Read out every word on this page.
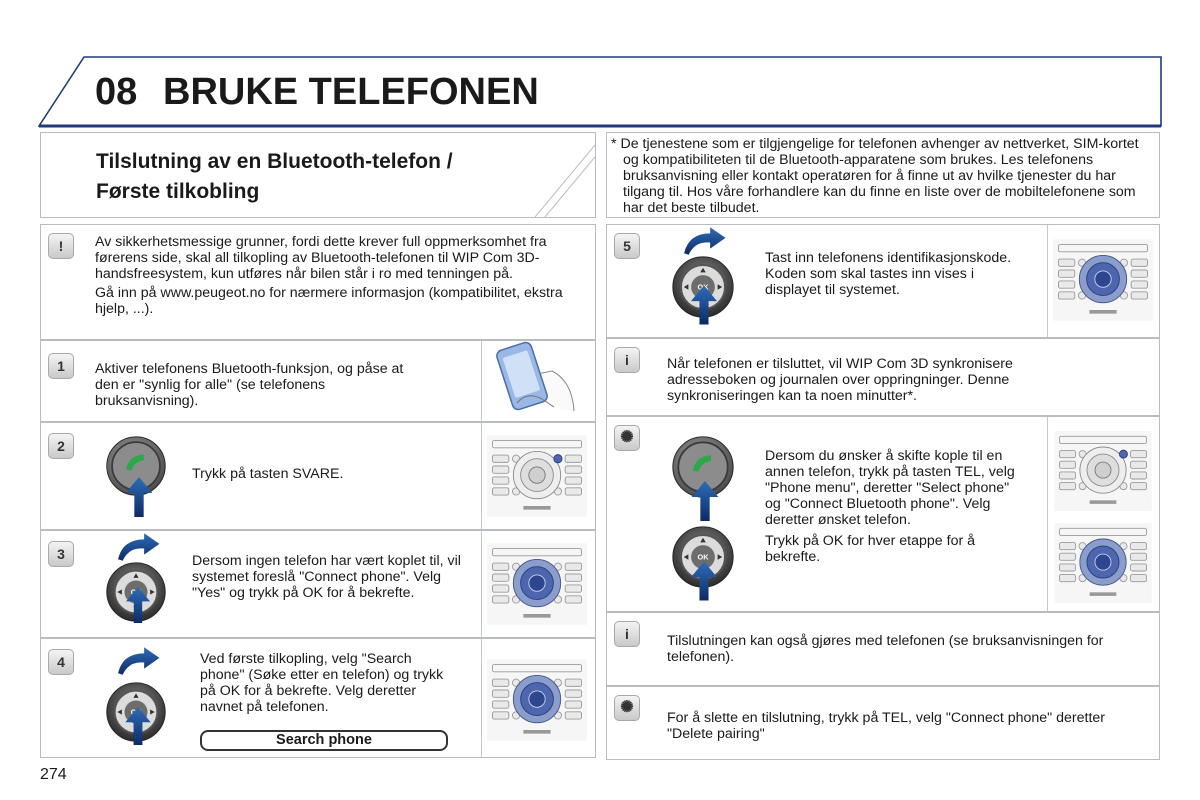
08 BRUKE TELEFONEN
Tilslutning av en Bluetooth-telefon /
Første tilkobling
* De tjenestene som er tilgjengelige for telefonen avhenger av nettverket, SIM-kortet og kompatibiliteten til de Bluetooth-apparatene som brukes. Les telefonens bruksanvisning eller kontakt operatøren for å finne ut av hvilke tjenester du har tilgang til. Hos våre forhandlere kan du finne en liste over de mobiltelefonene som har det beste tilbudet.
!	Av sikkerhetsmessige grunner, fordi dette krever full oppmerksomhet fra førerens side, skal all tilkopling av Bluetooth-telefonen til WIP Com 3D-handsfreesystem, kun utføres når bilen står i ro med tenningen på.

Gå inn på www.peugeot.no for nærmere informasjon (kompatibilitet, ekstra hjelp, ...).

1	Aktiver telefonens Bluetooth-funksjon, og påse at den er "synlig for alle" (se telefonens bruksanvisning).
2
Trykk på tasten SVARE.
3	Dersom ingen telefon har vært koplet til, vil systemet foreslå "Connect phone". Velg "Yes" og trykk på OK for å bekrefte.
4	Ved første tilkopling, velg "Search phone" (Søke etter en telefon) og trykk på OK for å bekrefte. Velg deretter navnet på telefonen.
Search phone
5
Tast inn telefonens identifikasjonskode. Koden som skal tastes inn vises i displayet til systemet.
i	Når telefonen er tilsluttet, vil WIP Com 3D synkronisere adresseboken og journalen over oppringninger. Denne synkroniseringen kan ta noen minutter*.
✺

Dersom du ønsker å skifte kople til en annen telefon, trykk på tasten TEL, velg "Phone menu", deretter "Select phone" og "Connect Bluetooth phone". Velg deretter ønsket telefon.

Trykk på OK for hver etappe for å bekrefte.

i	Tilslutningen kan også gjøres med telefonen (se bruksanvisningen for telefonen).
✺
For å slette en tilslutning, trykk på TEL, velg "Connect phone" deretter "Delete pairing"
274
